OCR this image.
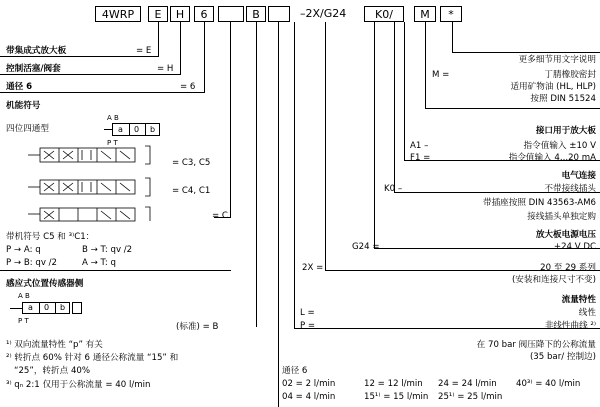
4WRP	E	H	6	B	–2X/G24	K0/	M	*
带集成式放大板	= E
控制活塞/阀套	= H
通径 6	= 6
机能符号
四位四通型
A B
a 0 b
P T
= C3, C5
= C4, C1
= C
带机符号 C5 和 ³⁾C1：
P → A: q	B → T: qv /2
P → B: qv /2	A → T: q
感应式位置传感器侧
A B
a 0 b
P T
(标准) = B
¹⁾ 双向流量特性 “p” 有关
²⁾ 转折点 60% 针对 6 通径公称流量 “15” 和
“25”，转折点 40%
³⁾ qₙ 2:1 仅用于公称流量 = 40 l/min
更多细节用文字说明
M =	丁腈橡胶密封
适用矿物油 (HL, HLP)
按照 DIN 51524
接口用于放大板
A1 –	指令值输入 ±10 V
F1 =	指令值输入 4...20 mA
电气连接
K0 –	不带接线插头
带插座按照 DIN 43563-AM6
接线插头单独定购
放大板电源电压
G24 =	+24 V DC
2X =	20 至 29 系列
(安装和连接尺寸不变)
流量特性
L =	线性
P =	非线性曲线 ²⁾
在 70 bar 阀压降下的公称流量
(35 bar/ 控制边)
通径 6
02 = 2 l/min	12 = 12 l/min 24 = 24 l/min 40³⁾ = 40 l/min
04 = 4 l/min	15¹⁾ = 15 l/min 25¹⁾ = 25 l/min
